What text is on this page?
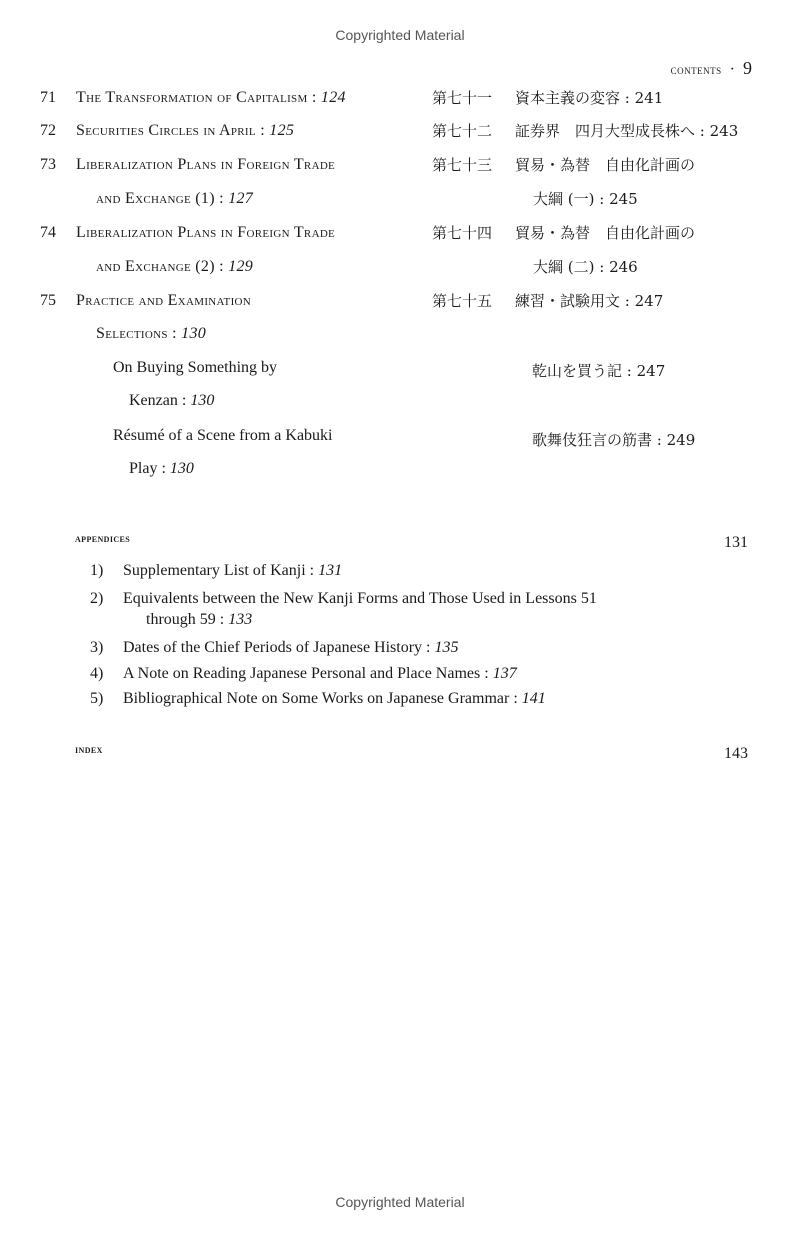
Copyrighted Material
contents · 9
71 The Transformation of Capitalism : 124
72 Securities Circles in April : 125
73 Liberalization Plans in Foreign Trade
and Exchange (1) : 127
74 Liberalization Plans in Foreign Trade
and Exchange (2) : 129
75 Practice and Examination
Selections : 130
On Buying Something by
Kenzan : 130
Résumé of a Scene from a Kabuki
Play : 130
第七十一 資本主義の変容 : 241
第七十二 証券界　四月大型成長株へ : 243
第七十三 貿易・為替　自由化計画の
大綱 (一) : 245
第七十四 貿易・為替　自由化計画の
大綱 (二) : 246
第七十五 練習・試験用文 : 247
乾山を買う記 : 247
歌舞伎狂言の筋書 : 249
appendices	131
1) Supplementary List of Kanji : 131
2) Equivalents between the New Kanji Forms and Those Used in Lessons 51
through 59 : 133
3) Dates of the Chief Periods of Japanese History : 135
4) A Note on Reading Japanese Personal and Place Names : 137
5) Bibliographical Note on Some Works on Japanese Grammar : 141
index	143
Copyrighted Material
